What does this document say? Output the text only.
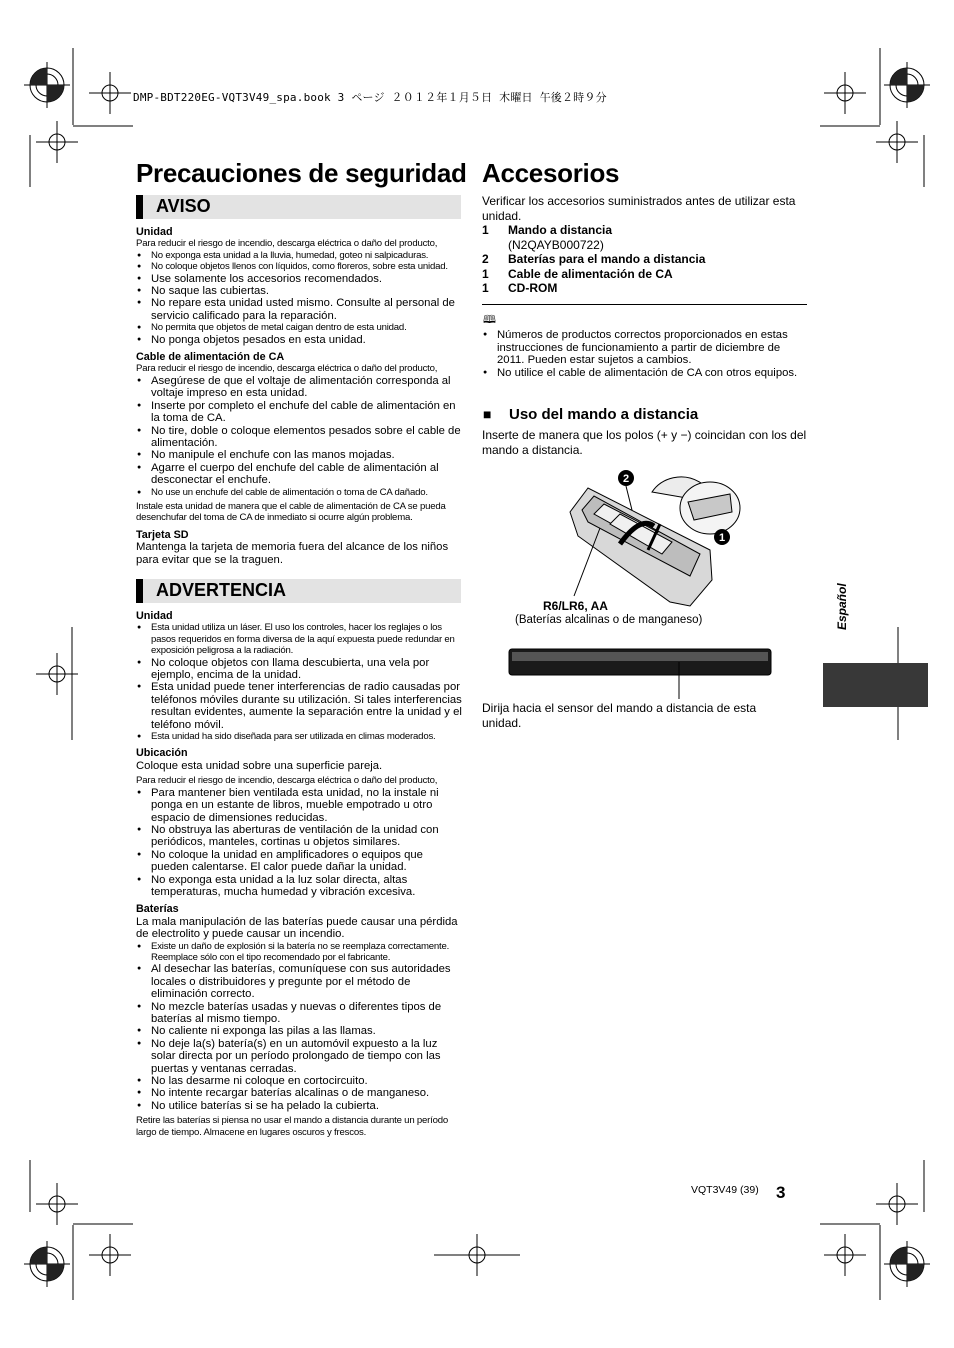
DMP-BDT220EG-VQT3V49_spa.book 3 ページ ２０１２年１月５日 木曜日 午後２時９分
Precauciones de seguridad
AVISO
Unidad
Para reducir el riesgo de incendio, descarga eléctrica o daño del producto,
● No exponga esta unidad a la lluvia, humedad, goteo ni salpicaduras.
● No coloque objetos llenos con líquidos, como floreros, sobre esta unidad.
● Use solamente los accesorios recomendados.
● No saque las cubiertas.
● No repare esta unidad usted mismo. Consulte al personal de servicio calificado para la reparación.
● No permita que objetos de metal caigan dentro de esta unidad.
● No ponga objetos pesados en esta unidad.
Cable de alimentación de CA
Para reducir el riesgo de incendio, descarga eléctrica o daño del producto,
● Asegúrese de que el voltaje de alimentación corresponda al voltaje impreso en esta unidad.
● Inserte por completo el enchufe del cable de alimentación en la toma de CA.
● No tire, doble o coloque elementos pesados sobre el cable de alimentación.
● No manipule el enchufe con las manos mojadas.
● Agarre el cuerpo del enchufe del cable de alimentación al desconectar el enchufe.
● No use un enchufe del cable de alimentación o toma de CA dañado.
Instale esta unidad de manera que el cable de alimentación de CA se pueda desenchufar del toma de CA de inmediato si ocurre algún problema.
Tarjeta SD
Mantenga la tarjeta de memoria fuera del alcance de los niños para evitar que se la traguen.
ADVERTENCIA
Unidad
● Esta unidad utiliza un láser. El uso los controles, hacer los reglajes o los pasos requeridos en forma diversa de la aquí expuesta puede redundar en exposición peligrosa a la radiación.
● No coloque objetos con llama descubierta, una vela por ejemplo, encima de la unidad.
● Esta unidad puede tener interferencias de radio causadas por teléfonos móviles durante su utilización. Si tales interferencias resultan evidentes, aumente la separación entre la unidad y el teléfono móvil.
● Esta unidad ha sido diseñada para ser utilizada en climas moderados.
Ubicación
Coloque esta unidad sobre una superficie pareja.
Para reducir el riesgo de incendio, descarga eléctrica o daño del producto,
● Para mantener bien ventilada esta unidad, no la instale ni ponga en un estante de libros, mueble empotrado u otro espacio de dimensiones reducidas.
● No obstruya las aberturas de ventilación de la unidad con periódicos, manteles, cortinas u objetos similares.
● No coloque la unidad en amplificadores o equipos que pueden calentarse. El calor puede dañar la unidad.
● No exponga esta unidad a la luz solar directa, altas temperaturas, mucha humedad y vibración excesiva.
Baterías
La mala manipulación de las baterías puede causar una pérdida de electrolito y puede causar un incendio.
● Existe un daño de explosión si la batería no se reemplaza correctamente. Reemplace sólo con el tipo recomendado por el fabricante.
● Al desechar las baterías, comuníquese con sus autoridades locales o distribuidores y pregunte por el método de eliminación correcto.
● No mezcle baterías usadas y nuevas o diferentes tipos de baterías al mismo tiempo.
● No caliente ni exponga las pilas a las llamas.
● No deje la(s) batería(s) en un automóvil expuesto a la luz solar directa por un período prolongado de tiempo con las puertas y ventanas cerradas.
● No las desarme ni coloque en cortocircuito.
● No intente recargar baterías alcalinas o de manganeso.
● No utilice baterías si se ha pelado la cubierta.
Retire las baterías si piensa no usar el mando a distancia durante un período largo de tiempo. Almacene en lugares oscuros y frescos.
Accesorios
Verificar los accesorios suministrados antes de utilizar esta unidad.
1	Mando a distancia
(N2QAYB000722)
2	Baterías para el mando a distancia
1	Cable de alimentación de CA
1	CD-ROM
🕮
● Números de productos correctos proporcionados en estas instrucciones de funcionamiento a partir de diciembre de 2011. Pueden estar sujetos a cambios.
● No utilice el cable de alimentación de CA con otros equipos.
■ Uso del mando a distancia
Inserte de manera que los polos (+ y −) coincidan con los del mando a distancia.
2
1
R6/LR6, AA
(Baterías alcalinas o de manganeso)
Dirija hacia el sensor del mando a distancia de esta unidad.
Español
VQT3V49 (39) 3
